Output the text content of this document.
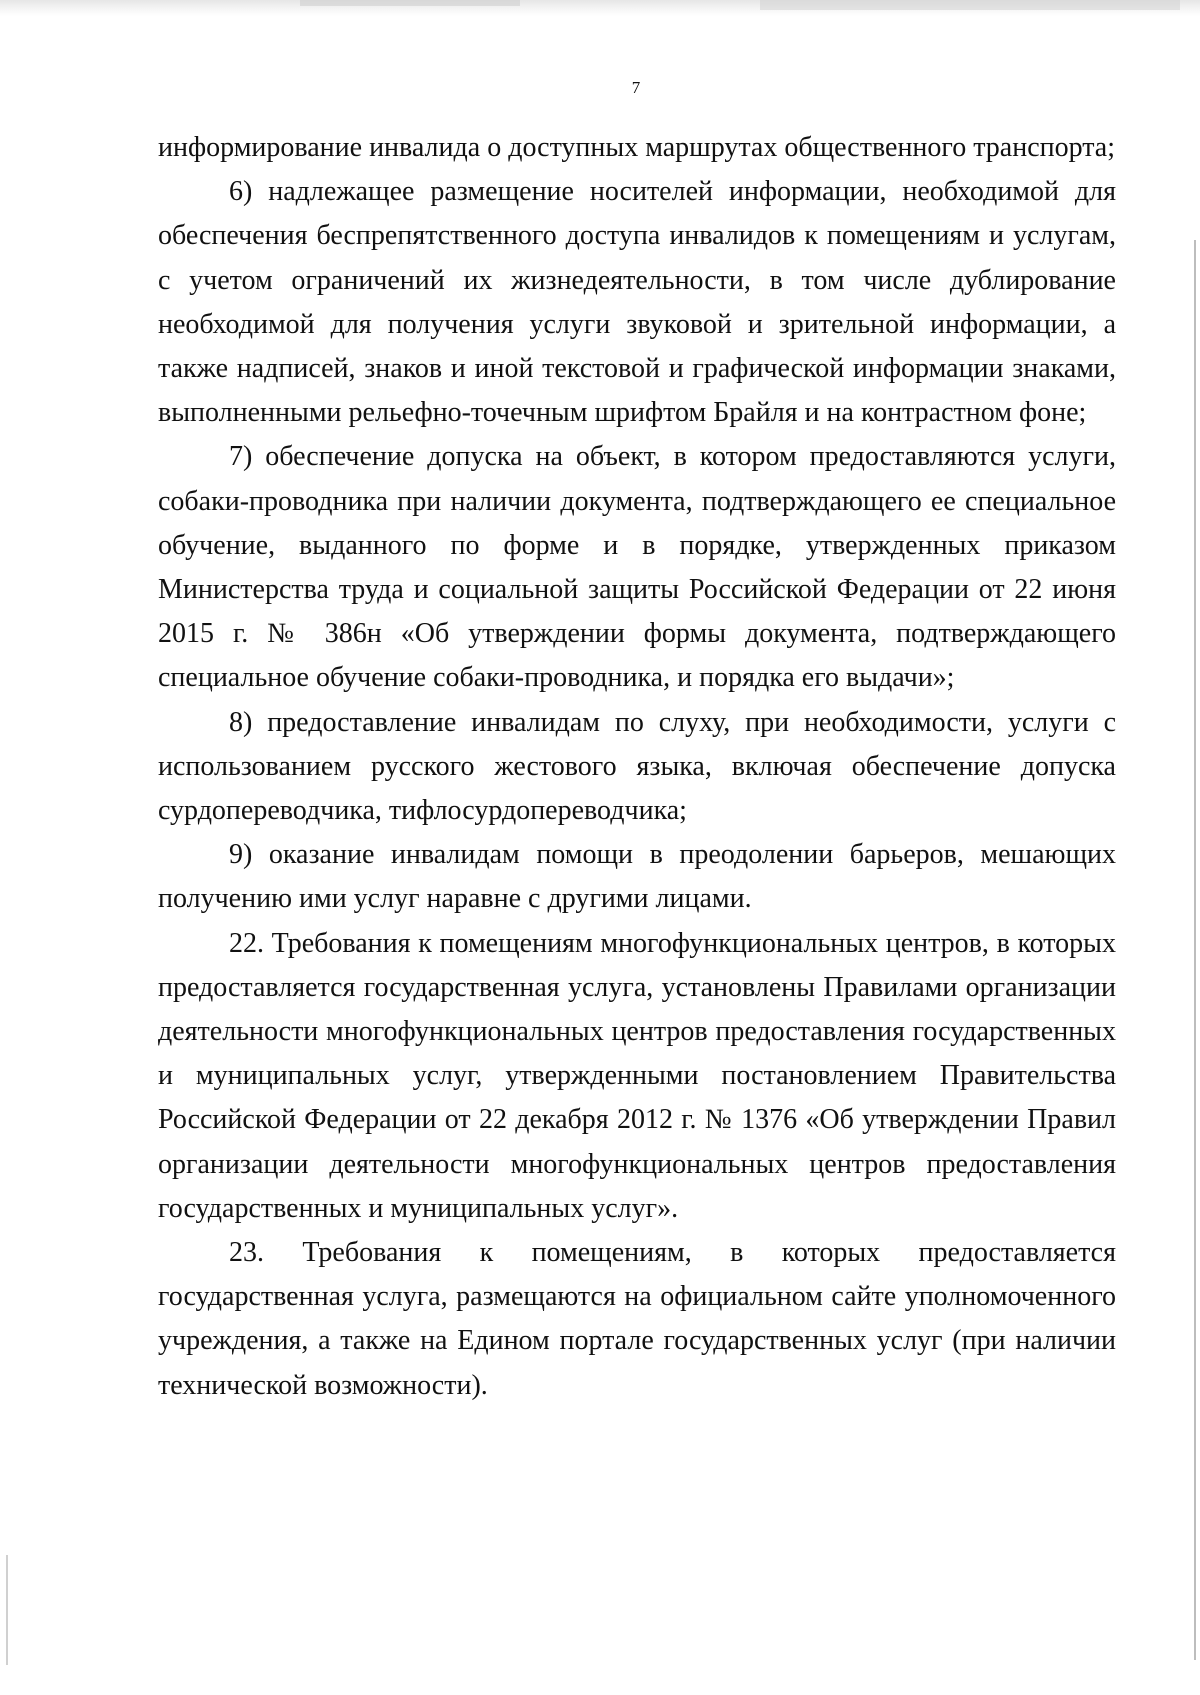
7

информирование инвалида о доступных маршрутах общественного транспорта;

6) надлежащее размещение носителей информации, необходимой для обеспечения беспрепятственного доступа инвалидов к помещениям и услугам, с учетом ограничений их жизнедеятельности, в том числе дублирование необходимой для получения услуги звуковой и зрительной информации, а также надписей, знаков и иной текстовой и графической информации знаками, выполненными рельефно-точечным шрифтом Брайля и на контрастном фоне;

7) обеспечение допуска на объект, в котором предоставляются услуги, собаки-проводника при наличии документа, подтверждающего ее специальное обучение, выданного по форме и в порядке, утвержденных приказом Министерства труда и социальной защиты Российской Федерации от 22 июня 2015 г. № 386н «Об утверждении формы документа, подтверждающего специальное обучение собаки-проводника, и порядка его выдачи»;

8) предоставление инвалидам по слуху, при необходимости, услуги с использованием русского жестового языка, включая обеспечение допуска сурдопереводчика, тифлосурдопереводчика;

9) оказание инвалидам помощи в преодолении барьеров, мешающих получению ими услуг наравне с другими лицами.

22. Требования к помещениям многофункциональных центров, в которых предоставляется государственная услуга, установлены Правилами организации деятельности многофункциональных центров предоставления государственных и муниципальных услуг, утвержденными постановлением Правительства Российской Федерации от 22 декабря 2012 г. № 1376 «Об утверждении Правил организации деятельности многофункциональных центров предоставления государственных и муниципальных услуг».

23. Требования к помещениям, в которых предоставляется государственная услуга, размещаются на официальном сайте уполномоченного учреждения, а также на Едином портале государственных услуг (при наличии технической возможности).
